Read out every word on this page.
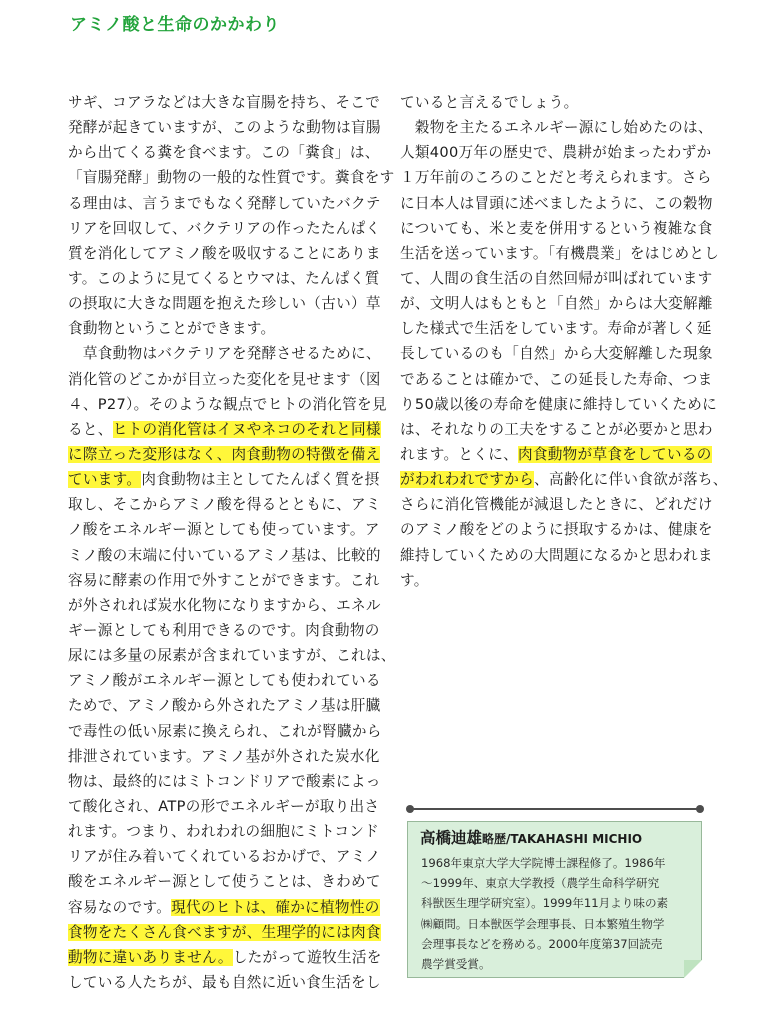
アミノ酸と生命のかかわり
サギ、コアラなどは大きな盲腸を持ち、そこで
発酵が起きていますが、このような動物は盲腸
から出てくる糞を食べます。この「糞食」は、
「盲腸発酵」動物の一般的な性質です。糞食をす
る理由は、言うまでもなく発酵していたバクテ
リアを回収して、バクテリアの作ったたんぱく
質を消化してアミノ酸を吸収することにありま
す。このように見てくるとウマは、たんぱく質
の摂取に大きな問題を抱えた珍しい（古い）草
食動物ということができます。
　草食動物はバクテリアを発酵させるために、
消化管のどこかが目立った変化を見せます（図
４、P27）。そのような観点でヒトの消化管を見
ると、ヒトの消化管はイヌやネコのそれと同様
に際立った変形はなく、肉食動物の特徴を備え
ています。肉食動物は主としてたんぱく質を摂
取し、そこからアミノ酸を得るとともに、アミ
ノ酸をエネルギー源としても使っています。ア
ミノ酸の末端に付いているアミノ基は、比較的
容易に酵素の作用で外すことができます。これ
が外されれば炭水化物になりますから、エネル
ギー源としても利用できるのです。肉食動物の
尿には多量の尿素が含まれていますが、これは、
アミノ酸がエネルギー源としても使われている
ためで、アミノ酸から外されたアミノ基は肝臓
で毒性の低い尿素に換えられ、これが腎臓から
排泄されています。アミノ基が外された炭水化
物は、最終的にはミトコンドリアで酸素によっ
て酸化され、ATPの形でエネルギーが取り出さ
れます。つまり、われわれの細胞にミトコンド
リアが住み着いてくれているおかげで、アミノ
酸をエネルギー源として使うことは、きわめて
容易なのです。現代のヒトは、確かに植物性の
食物をたくさん食べますが、生理学的には肉食
動物に違いありません。したがって遊牧生活を
している人たちが、最も自然に近い食生活をし
ていると言えるでしょう。
　穀物を主たるエネルギー源にし始めたのは、
人類400万年の歴史で、農耕が始まったわずか
１万年前のころのことだと考えられます。さら
に日本人は冒頭に述べましたように、この穀物
についても、米と麦を併用するという複雑な食
生活を送っています。「有機農業」をはじめとし
て、人間の食生活の自然回帰が叫ばれています
が、文明人はもともと「自然」からは大変解離
した様式で生活をしています。寿命が著しく延
長しているのも「自然」から大変解離した現象
であることは確かで、この延長した寿命、つま
り50歳以後の寿命を健康に維持していくために
は、それなりの工夫をすることが必要かと思わ
れます。とくに、肉食動物が草食をしているの
がわれわれですから、高齢化に伴い食欲が落ち、
さらに消化管機能が減退したときに、どれだけ
のアミノ酸をどのように摂取するかは、健康を
維持していくための大問題になるかと思われま
す。
高橋迪雄略歴/TAKAHASHI MICHIO
1968年東京大学大学院博士課程修了。1986年
〜1999年、東京大学教授（農学生命科学研究
科獣医生理学研究室）。1999年11月より味の素
㈱顧問。日本獣医学会理事長、日本繁殖生物学
会理事長などを務める。2000年度第37回読売
農学賞受賞。
